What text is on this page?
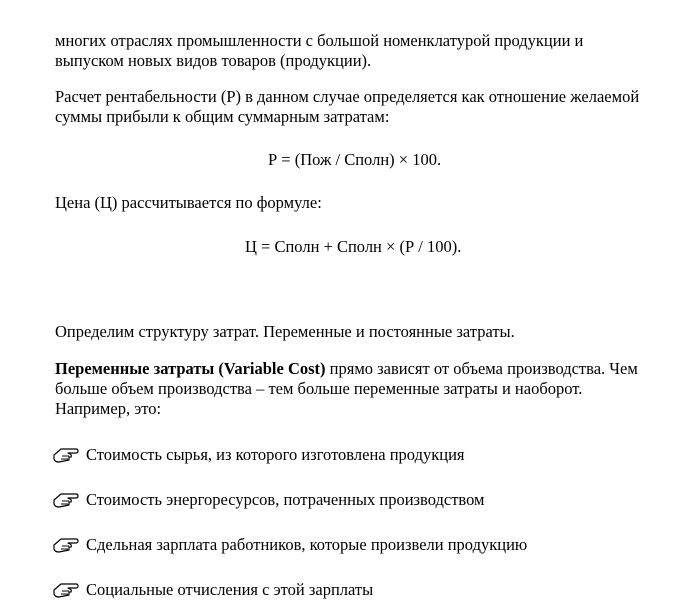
многих отраслях промышленности с большой номенклатурой продукции и выпуском новых видов товаров (продукции).

Расчет рентабельности (Р) в данном случае определяется как отношение желаемой суммы прибыли к общим суммарным затратам:

Р = (Пож / Сполн) × 100.

Цена (Ц) рассчитывается по формуле:

Ц = Сполн + Сполн × (Р / 100).

Определим структуру затрат. Переменные и постоянные затраты.

Переменные затраты (Variable Cost) прямо зависят от объема производства. Чем больше объем производства – тем больше переменные затраты и наоборот. Например, это:

Стоимость сырья, из которого изготовлена продукция
Стоимость энергоресурсов, потраченных производством
Сдельная зарплата работников, которые произвели продукцию
Социальные отчисления с этой зарплаты
